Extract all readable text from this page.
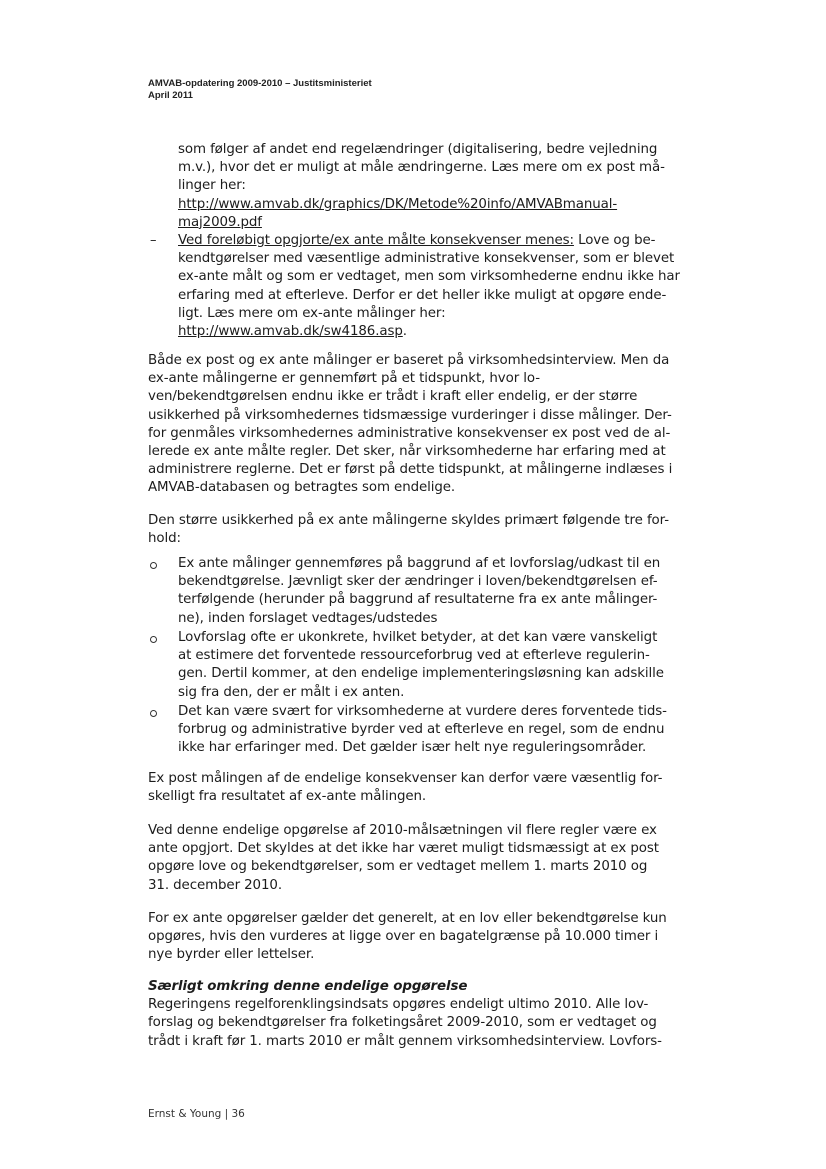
AMVAB-opdatering 2009-2010 – Justitsministeriet
April 2011
som følger af andet end regelændringer (digitalisering, bedre vejledning
m.v.), hvor det er muligt at måle ændringerne. Læs mere om ex post må-
linger her:
http://www.amvab.dk/graphics/DK/Metode%20info/AMVABmanual-
maj2009.pdf
– Ved foreløbigt opgjorte/ex ante målte konsekvenser menes: Love og be-
kendtgørelser med væsentlige administrative konsekvenser, som er blevet
ex-ante målt og som er vedtaget, men som virksomhederne endnu ikke har
erfaring med at efterleve. Derfor er det heller ikke muligt at opgøre ende-
ligt. Læs mere om ex-ante målinger her:
http://www.amvab.dk/sw4186.asp.
Både ex post og ex ante målinger er baseret på virksomhedsinterview. Men da
ex-ante målingerne er gennemført på et tidspunkt, hvor lo-
ven/bekendtgørelsen endnu ikke er trådt i kraft eller endelig, er der større
usikkerhed på virksomhedernes tidsmæssige vurderinger i disse målinger. Der-
for genmåles virksomhedernes administrative konsekvenser ex post ved de al-
lerede ex ante målte regler. Det sker, når virksomhederne har erfaring med at
administrere reglerne. Det er først på dette tidspunkt, at målingerne indlæses i
AMVAB-databasen og betragtes som endelige.
Den større usikkerhed på ex ante målingerne skyldes primært følgende tre for-
hold:
Ex ante målinger gennemføres på baggrund af et lovforslag/udkast til en
bekendtgørelse. Jævnligt sker der ændringer i loven/bekendtgørelsen ef-
terfølgende (herunder på baggrund af resultaterne fra ex ante målinger-
ne), inden forslaget vedtages/udstedes
Lovforslag ofte er ukonkrete, hvilket betyder, at det kan være vanskeligt
at estimere det forventede ressourceforbrug ved at efterleve regulerin-
gen. Dertil kommer, at den endelige implementeringsløsning kan adskille
sig fra den, der er målt i ex anten.
Det kan være svært for virksomhederne at vurdere deres forventede tids-
forbrug og administrative byrder ved at efterleve en regel, som de endnu
ikke har erfaringer med. Det gælder især helt nye reguleringsområder.
Ex post målingen af de endelige konsekvenser kan derfor være væsentlig for-
skelligt fra resultatet af ex-ante målingen.
Ved denne endelige opgørelse af 2010-målsætningen vil flere regler være ex
ante opgjort. Det skyldes at det ikke har været muligt tidsmæssigt at ex post
opgøre love og bekendtgørelser, som er vedtaget mellem 1. marts 2010 og
31. december 2010.
For ex ante opgørelser gælder det generelt, at en lov eller bekendtgørelse kun
opgøres, hvis den vurderes at ligge over en bagatelgrænse på 10.000 timer i
nye byrder eller lettelser.
Særligt omkring denne endelige opgørelse
Regeringens regelforenklingsindsats opgøres endeligt ultimo 2010. Alle lov-
forslag og bekendtgørelser fra folketingsåret 2009-2010, som er vedtaget og
trådt i kraft før 1. marts 2010 er målt gennem virksomhedsinterview. Lovfors-
Ernst & Young | 36
